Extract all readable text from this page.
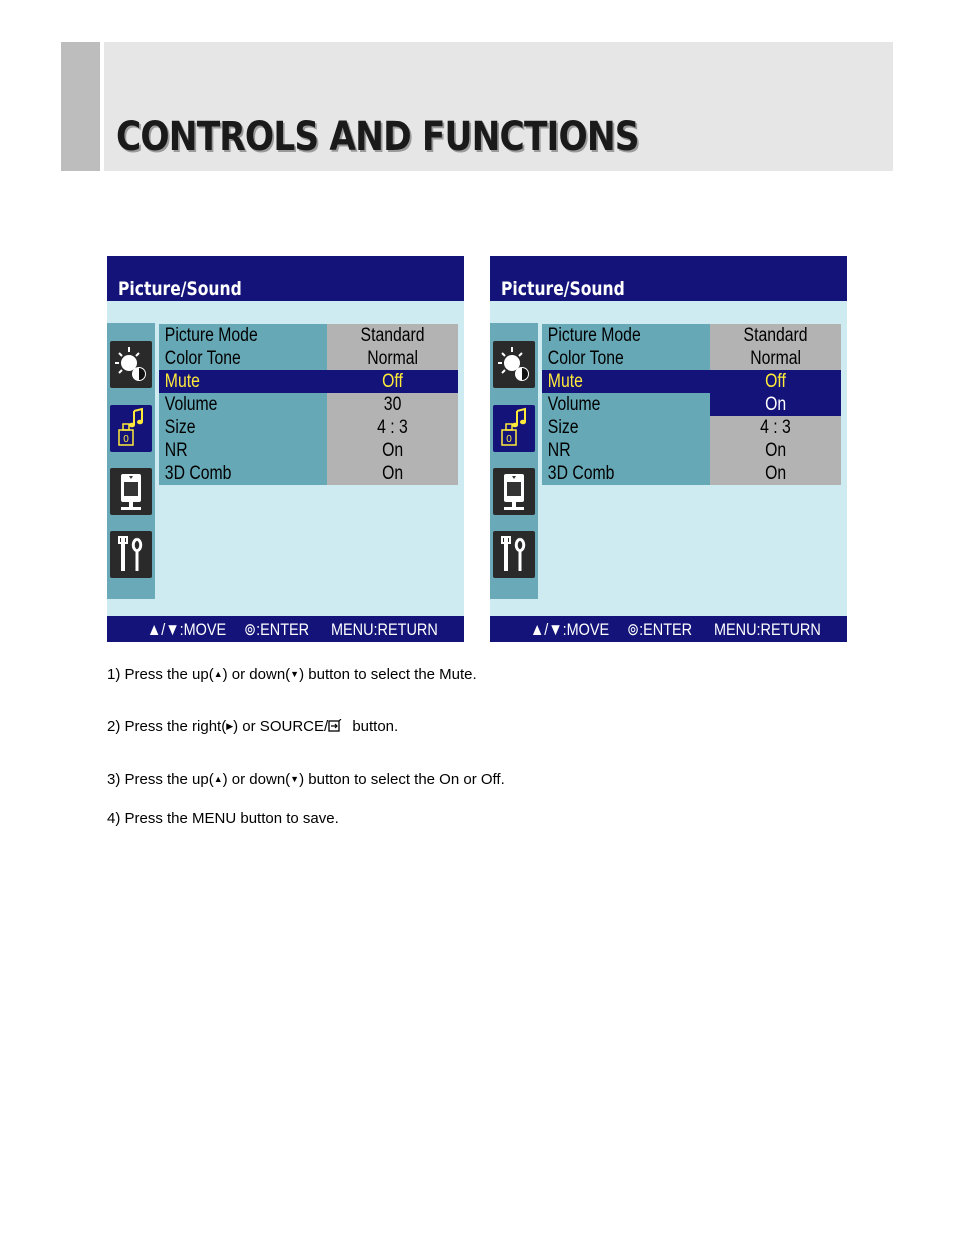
CONTROLS AND FUNCTIONS
Picture/Sound
0
Picture Mode	Standard
Color Tone	Normal
Mute	Off
Volume	30
Size	4 : 3
NR	On
3D Comb	On
▲/▼:MOVE ⊚:ENTER MENU:RETURN
Picture/Sound
0
Picture Mode	Standard
Color Tone	Normal
Mute	Off
Volume	On
Size	4 : 3
NR	On
3D Comb	On
▲/▼:MOVE ⊚:ENTER MENU:RETURN
1) Press the up(▲) or down(▼) button to select the Mute.
2) Press the right(▶) or SOURCE/ button.
3) Press the up(▲) or down(▼) button to select the On or Off.
4) Press the MENU button to save.
